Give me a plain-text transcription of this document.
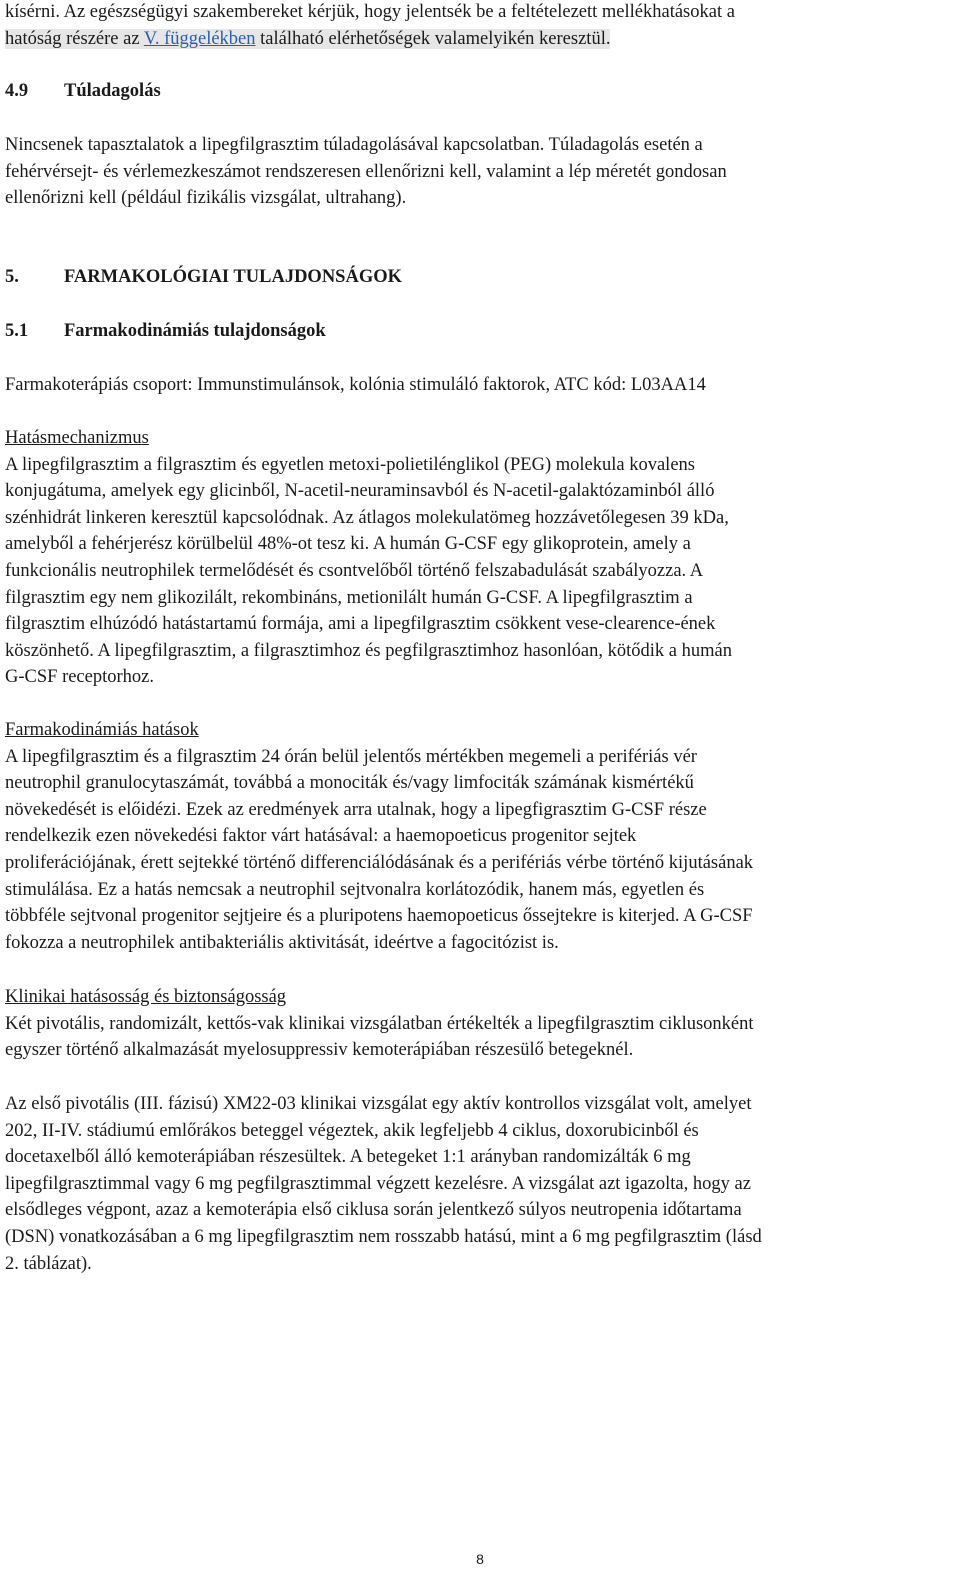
kísérni. Az egészségügyi szakembereket kérjük, hogy jelentsék be a feltételezett mellékhatásokat a
hatóság részére az V. függelékben található elérhetőségek valamelyikén keresztül.
4.9	Túladagolás
Nincsenek tapasztalatok a lipegfilgrasztim túladagolásával kapcsolatban. Túladagolás esetén a
fehérvérsejt- és vérlemezkeszámot rendszeresen ellenőrizni kell, valamint a lép méretét gondosan
ellenőrizni kell (például fizikális vizsgálat, ultrahang).
5.	FARMAKOLÓGIAI TULAJDONSÁGOK
5.1	Farmakodinámiás tulajdonságok
Farmakoterápiás csoport: Immunstimulánsok, kolónia stimuláló faktorok, ATC kód: L03AA14
Hatásmechanizmus
A lipegfilgrasztim a filgrasztim és egyetlen metoxi-polietilénglikol (PEG) molekula kovalens
konjugátuma, amelyek egy glicinből, N-acetil-neuraminsavból és N-acetil-galaktózaminból álló
szénhidrát linkeren keresztül kapcsolódnak. Az átlagos molekulatömeg hozzávetőlegesen 39 kDa,
amelyből a fehérjerész körülbelül 48%-ot tesz ki. A humán G-CSF egy glikoprotein, amely a
funkcionális neutrophilek termelődését és csontvelőből történő felszabadulását szabályozza. A
filgrasztim egy nem glikozilált, rekombináns, metionilált humán G-CSF. A lipegfilgrasztim a
filgrasztim elhúzódó hatástartamú formája, ami a lipegfilgrasztim csökkent vese-clearence-ének
köszönhető. A lipegfilgrasztim, a filgrasztimhoz és pegfilgrasztimhoz hasonlóan, kötődik a humán
G-CSF receptorhoz.
Farmakodinámiás hatások
A lipegfilgrasztim és a filgrasztim 24 órán belül jelentős mértékben megemeli a perifériás vér
neutrophil granulocytaszámát, továbbá a monociták és/vagy limfociták számának kismértékű
növekedését is előidézi. Ezek az eredmények arra utalnak, hogy a lipegfigrasztim G-CSF része
rendelkezik ezen növekedési faktor várt hatásával: a haemopoeticus progenitor sejtek
proliferációjának, érett sejtekké történő differenciálódásának és a perifériás vérbe történő kijutásának
stimulálása. Ez a hatás nemcsak a neutrophil sejtvonalra korlátozódik, hanem más, egyetlen és
többféle sejtvonal progenitor sejtjeire és a pluripotens haemopoeticus őssejtekre is kiterjed. A G-CSF
fokozza a neutrophilek antibakteriális aktivitását, ideértve a fagocitózist is.
Klinikai hatásosság és biztonságosság
Két pivotális, randomizált, kettős-vak klinikai vizsgálatban értékelték a lipegfilgrasztim ciklusonként
egyszer történő alkalmazását myelosuppressiv kemoterápiában részesülő betegeknél.
Az első pivotális (III. fázisú) XM22-03 klinikai vizsgálat egy aktív kontrollos vizsgálat volt, amelyet
202, II-IV. stádiumú emlőrákos beteggel végeztek, akik legfeljebb 4 ciklus, doxorubicinből és
docetaxelből álló kemoterápiában részesültek. A betegeket 1:1 arányban randomizálták 6 mg
lipegfilgrasztimmal vagy 6 mg pegfilgrasztimmal végzett kezelésre. A vizsgálat azt igazolta, hogy az
elsődleges végpont, azaz a kemoterápia első ciklusa során jelentkező súlyos neutropenia időtartama
(DSN) vonatkozásában a 6 mg lipegfilgrasztim nem rosszabb hatású, mint a 6 mg pegfilgrasztim (lásd
2. táblázat).
8
